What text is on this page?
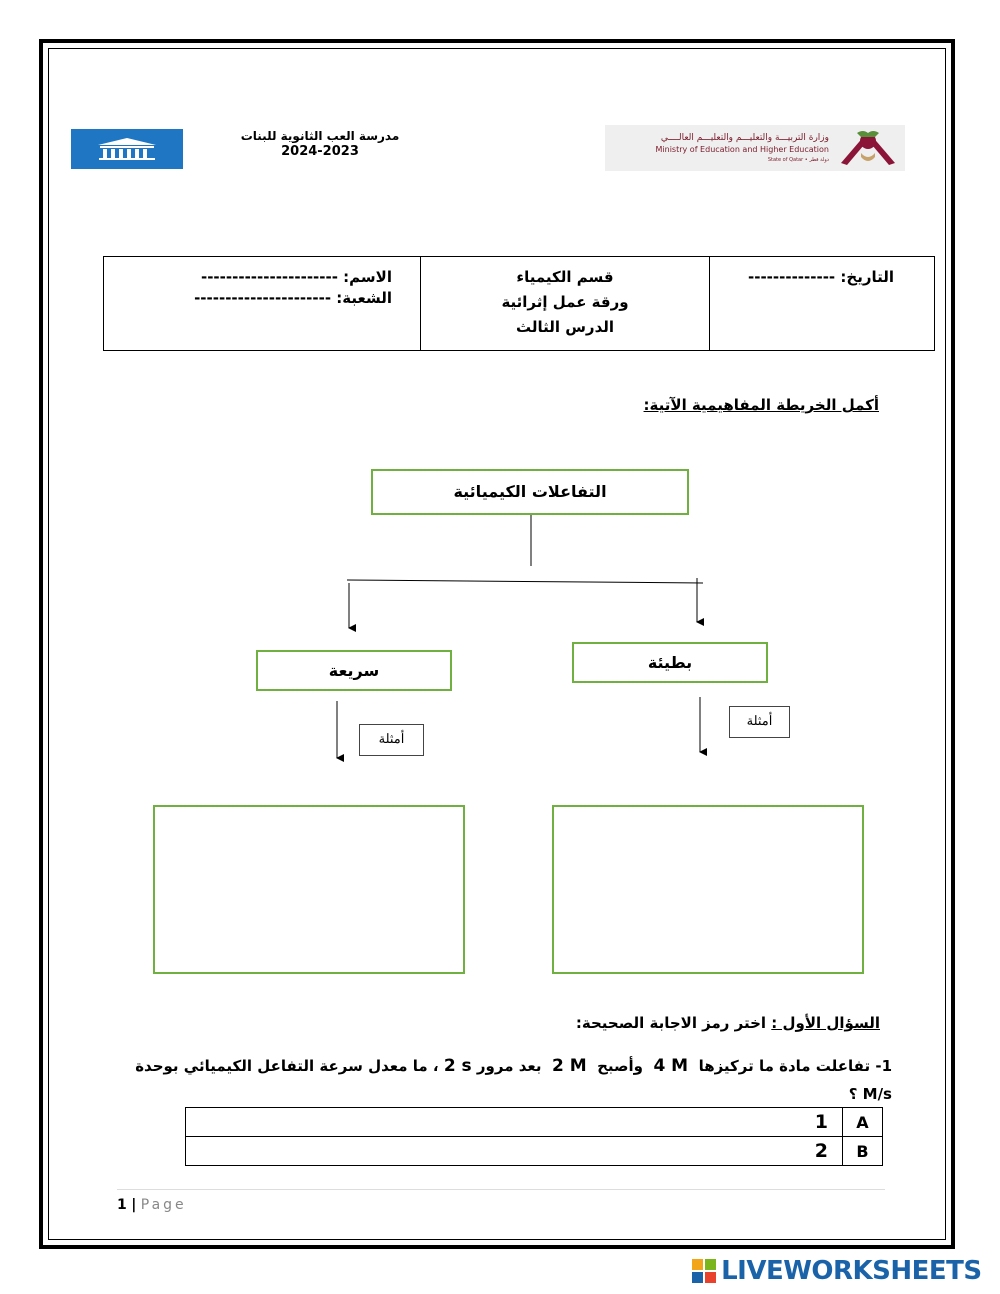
مدرسة العب الثانوية للبنات
2024-2023
وزارة التربيـــة والتعليـــم والتعليـــم العالــــي
Ministry of Education and Higher Education
State of Qatar • دولة قطر
الاسم: ----------------------
الشعبة: ----------------------

قسم الكيمياء
ورقة عمل إثرائية
الدرس الثالث

التاريخ: --------------
أكمل الخريطة المفاهيمية الآتية:
التفاعلات الكيميائية
سريعة	بطيئة
أمثلة
أمثلة
السؤال الأول : اختر رمز الاجابة الصحيحة:
1- تفاعلت مادة ما تركيزها  4 M  وأصبح  2 M  بعد مرور 2 s ، ما معدل سرعة التفاعل الكيميائي بوحدة M/s ؟
1	A
2	B
1 | Page
LIVEWORKSHEETS
